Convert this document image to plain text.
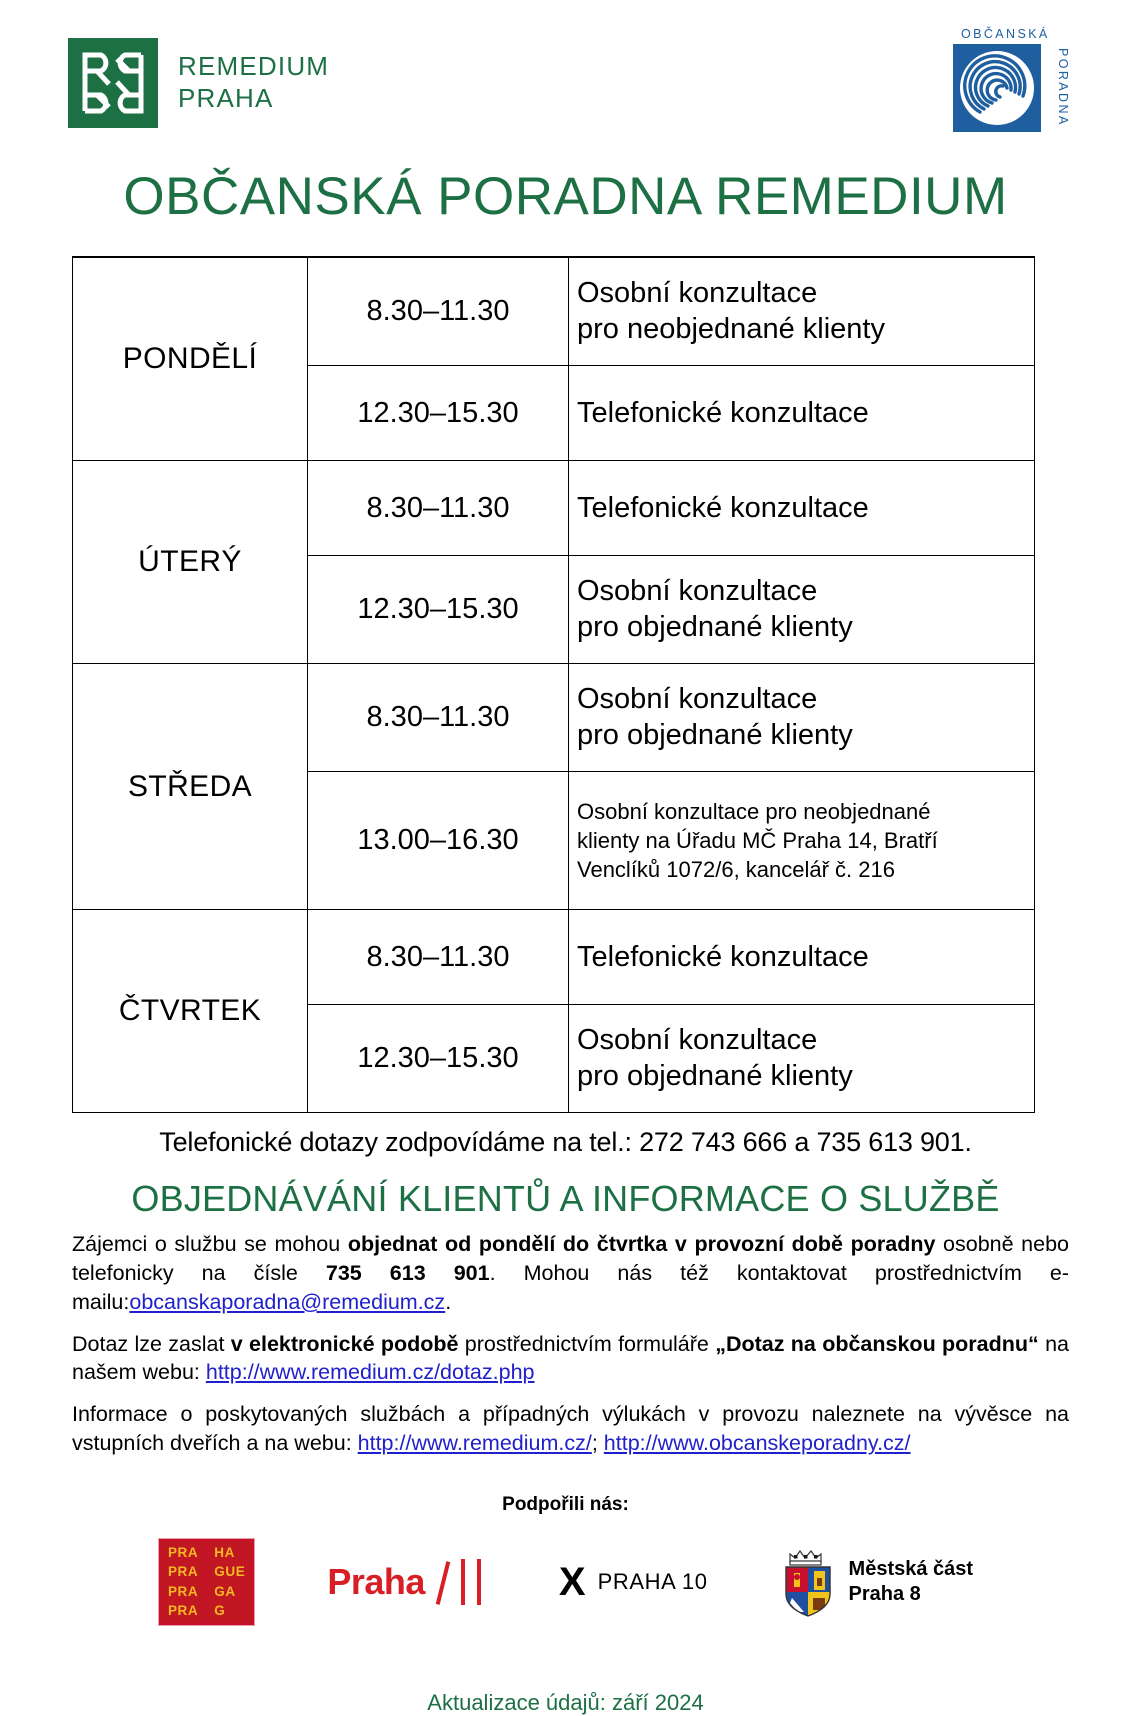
REMEDIUM
PRAHA
OBČANSKÁ
PORADNA
OBČANSKÁ PORADNA REMEDIUM
PONDĚLÍ	8.30–11.30	Osobní konzultace
pro neobjednané klienty

	12.30–15.30	Telefonické konzultace

ÚTERÝ	8.30–11.30	Telefonické konzultace

	12.30–15.30	Osobní konzultace
pro objednané klienty

STŘEDA	8.30–11.30	Osobní konzultace
pro objednané klienty

	13.00–16.30	Osobní konzultace pro neobjednané
klienty na Úřadu MČ Praha 14, Bratří
Venclíků 1072/6, kancelář č. 216

ČTVRTEK	8.30–11.30	Telefonické konzultace

	12.30–15.30	Osobní konzultace
pro objednané klienty
Telefonické dotazy zodpovídáme na tel.: 272 743 666 a 735 613 901.
OBJEDNÁVÁNÍ KLIENTŮ A INFORMACE O SLUŽBĚ

Zájemci o službu se mohou objednat od pondělí do čtvrtka v provozní době poradny osobně nebo telefonicky na čísle 735 613 901. Mohou nás též kontaktovat prostřednictvím e-mailu:obcanskaporadna@remedium.cz.

Dotaz lze zaslat v elektronické podobě prostřednictvím formuláře „Dotaz na občanskou poradnu“ na našem webu: http://www.remedium.cz/dotaz.php

Informace o poskytovaných službách a případných výlukách v provozu naleznete na vývěsce na vstupních dveřích a na webu: http://www.remedium.cz/; http://www.obcanskeporadny.cz/

Podpořili nás:
PRA
PRA
PRA
PRA
HA
GUE
GA
G
Praha	X PRAHA 10	Městská část
Praha 8
Aktualizace údajů: září 2024
